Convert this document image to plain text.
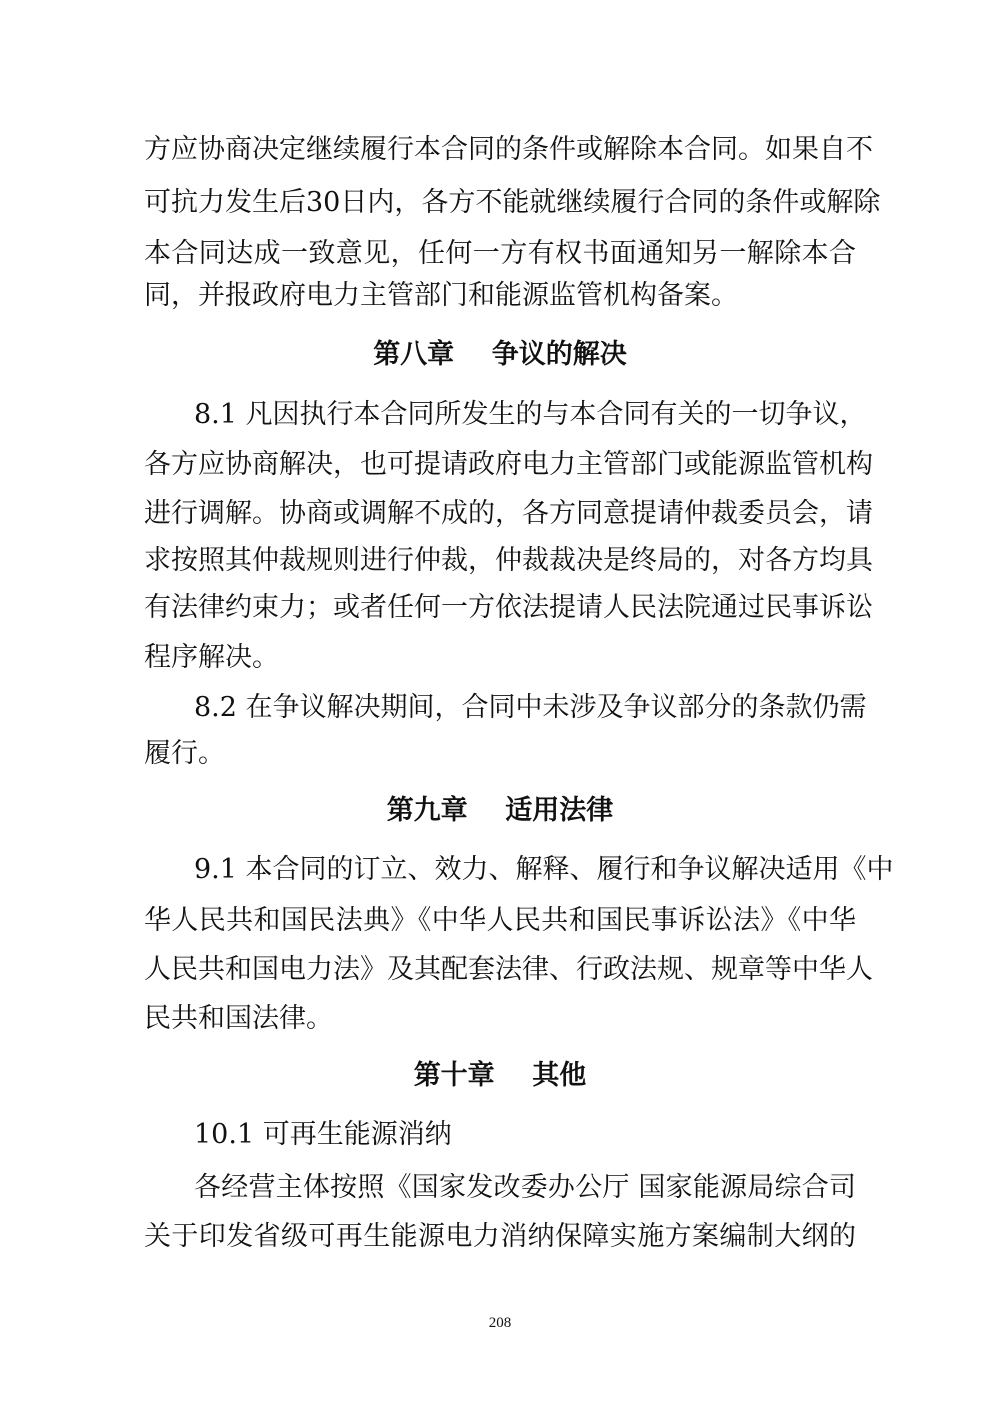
方应协商决定继续履行本合同的条件或解除本合同。如果自不
可抗力发生后30日内，各方不能就继续履行合同的条件或解除
本合同达成一致意见，任何一方有权书面通知另一解除本合
同，并报政府电力主管部门和能源监管机构备案。
第八章    争议的解决
8.1 凡因执行本合同所发生的与本合同有关的一切争议，
各方应协商解决，也可提请政府电力主管部门或能源监管机构
进行调解。协商或调解不成的，各方同意提请仲裁委员会，请
求按照其仲裁规则进行仲裁，仲裁裁决是终局的，对各方均具
有法律约束力；或者任何一方依法提请人民法院通过民事诉讼
程序解决。
8.2 在争议解决期间，合同中未涉及争议部分的条款仍需
履行。
第九章    适用法律
9.1 本合同的订立、效力、解释、履行和争议解决适用《中
华人民共和国民法典》《中华人民共和国民事诉讼法》《中华
人民共和国电力法》及其配套法律、行政法规、规章等中华人
民共和国法律。
第十章    其他
10.1 可再生能源消纳
各经营主体按照《国家发改委办公厅 国家能源局综合司
关于印发省级可再生能源电力消纳保障实施方案编制大纲的
208
